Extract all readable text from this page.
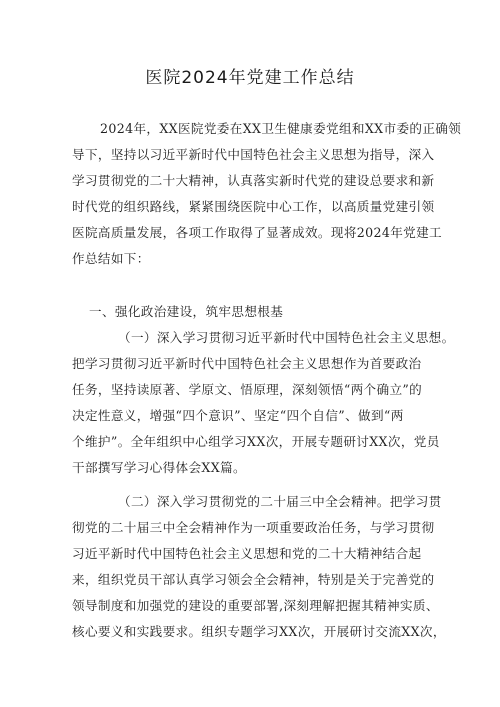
医院2024年党建工作总结
2024年，XX医院党委在XX卫生健康委党组和XX市委的正确领
导下，坚持以习近平新时代中国特色社会主义思想为指导，深入
学习贯彻党的二十大精神，认真落实新时代党的建设总要求和新
时代党的组织路线，紧紧围绕医院中心工作，以高质量党建引领
医院高质量发展，各项工作取得了显著成效。现将2024年党建工
作总结如下：
一、强化政治建设，筑牢思想根基
（一）深入学习贯彻习近平新时代中国特色社会主义思想。
把学习贯彻习近平新时代中国特色社会主义思想作为首要政治
任务，坚持读原著、学原文、悟原理，深刻领悟“两个确立”的
决定性意义，增强“四个意识”、坚定“四个自信”、做到“两
个维护”。全年组织中心组学习XX次，开展专题研讨XX次，党员
干部撰写学习心得体会XX篇。
（二）深入学习贯彻党的二十届三中全会精神。把学习贯
彻党的二十届三中全会精神作为一项重要政治任务，与学习贯彻
习近平新时代中国特色社会主义思想和党的二十大精神结合起
来，组织党员干部认真学习领会全会精神，特别是关于完善党的
领导制度和加强党的建设的重要部署,深刻理解把握其精神实质、
核心要义和实践要求。组织专题学习XX次，开展研讨交流XX次，
